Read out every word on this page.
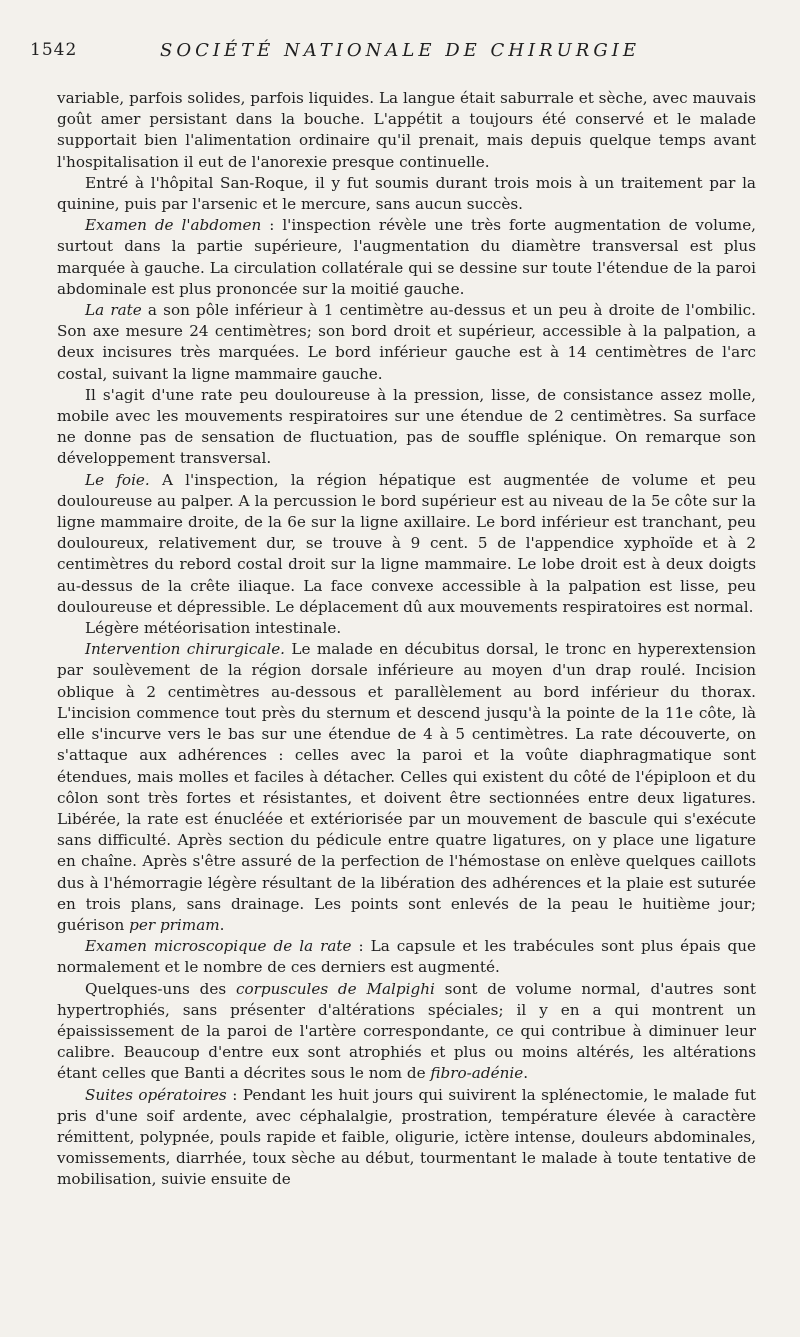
1542	SOCIÉTÉ NATIONALE DE CHIRURGIE

variable, parfois solides, parfois liquides. La langue était saburrale et sèche, avec mauvais goût amer persistant dans la bouche. L'appétit a toujours été conservé et le malade supportait bien l'alimentation ordinaire qu'il prenait, mais depuis quelque temps avant l'hospitalisation il eut de l'anorexie presque continuelle.

Entré à l'hôpital San-Roque, il y fut soumis durant trois mois à un traitement par la quinine, puis par l'arsenic et le mercure, sans aucun succès.

Examen de l'abdomen : l'inspection révèle une très forte augmentation de volume, surtout dans la partie supérieure, l'augmentation du diamètre transversal est plus marquée à gauche. La circulation collatérale qui se dessine sur toute l'étendue de la paroi abdominale est plus prononcée sur la moitié gauche.

La rate a son pôle inférieur à 1 centimètre au-dessus et un peu à droite de l'ombilic. Son axe mesure 24 centimètres; son bord droit et supérieur, accessible à la palpation, a deux incisures très marquées. Le bord inférieur gauche est à 14 centimètres de l'arc costal, suivant la ligne mammaire gauche.

Il s'agit d'une rate peu douloureuse à la pression, lisse, de consistance assez molle, mobile avec les mouvements respiratoires sur une étendue de 2 centimètres. Sa surface ne donne pas de sensation de fluctuation, pas de souffle splénique. On remarque son développement transversal.

Le foie. A l'inspection, la région hépatique est augmentée de volume et peu douloureuse au palper. A la percussion le bord supérieur est au niveau de la 5e côte sur la ligne mammaire droite, de la 6e sur la ligne axillaire. Le bord inférieur est tranchant, peu douloureux, relativement dur, se trouve à 9 cent. 5 de l'appendice xyphoïde et à 2 centimètres du rebord costal droit sur la ligne mammaire. Le lobe droit est à deux doigts au-dessus de la crête iliaque. La face convexe accessible à la palpation est lisse, peu douloureuse et dépressible. Le déplacement dû aux mouvements respiratoires est normal.

Légère météorisation intestinale.

Intervention chirurgicale. Le malade en décubitus dorsal, le tronc en hyperextension par soulèvement de la région dorsale inférieure au moyen d'un drap roulé. Incision oblique à 2 centimètres au-dessous et parallèlement au bord inférieur du thorax. L'incision commence tout près du sternum et descend jusqu'à la pointe de la 11e côte, là elle s'incurve vers le bas sur une étendue de 4 à 5 centimètres. La rate découverte, on s'attaque aux adhérences : celles avec la paroi et la voûte diaphragmatique sont étendues, mais molles et faciles à détacher. Celles qui existent du côté de l'épiploon et du côlon sont très fortes et résistantes, et doivent être sectionnées entre deux ligatures. Libérée, la rate est énucléée et extériorisée par un mouvement de bascule qui s'exécute sans difficulté. Après section du pédicule entre quatre ligatures, on y place une ligature en chaîne. Après s'être assuré de la perfection de l'hémostase on enlève quelques caillots dus à l'hémorragie légère résultant de la libération des adhérences et la plaie est suturée en trois plans, sans drainage. Les points sont enlevés de la peau le huitième jour; guérison per primam.

Examen microscopique de la rate : La capsule et les trabécules sont plus épais que normalement et le nombre de ces derniers est augmenté.

Quelques-uns des corpuscules de Malpighi sont de volume normal, d'autres sont hypertrophiés, sans présenter d'altérations spéciales; il y en a qui montrent un épaississement de la paroi de l'artère correspondante, ce qui contribue à diminuer leur calibre. Beaucoup d'entre eux sont atrophiés et plus ou moins altérés, les altérations étant celles que Banti a décrites sous le nom de fibro-adénie.

Suites opératoires : Pendant les huit jours qui suivirent la splénectomie, le malade fut pris d'une soif ardente, avec céphalalgie, prostration, température élevée à caractère rémittent, polypnée, pouls rapide et faible, oligurie, ictère intense, douleurs abdominales, vomissements, diarrhée, toux sèche au début, tourmentant le malade à toute tentative de mobilisation, suivie ensuite de
